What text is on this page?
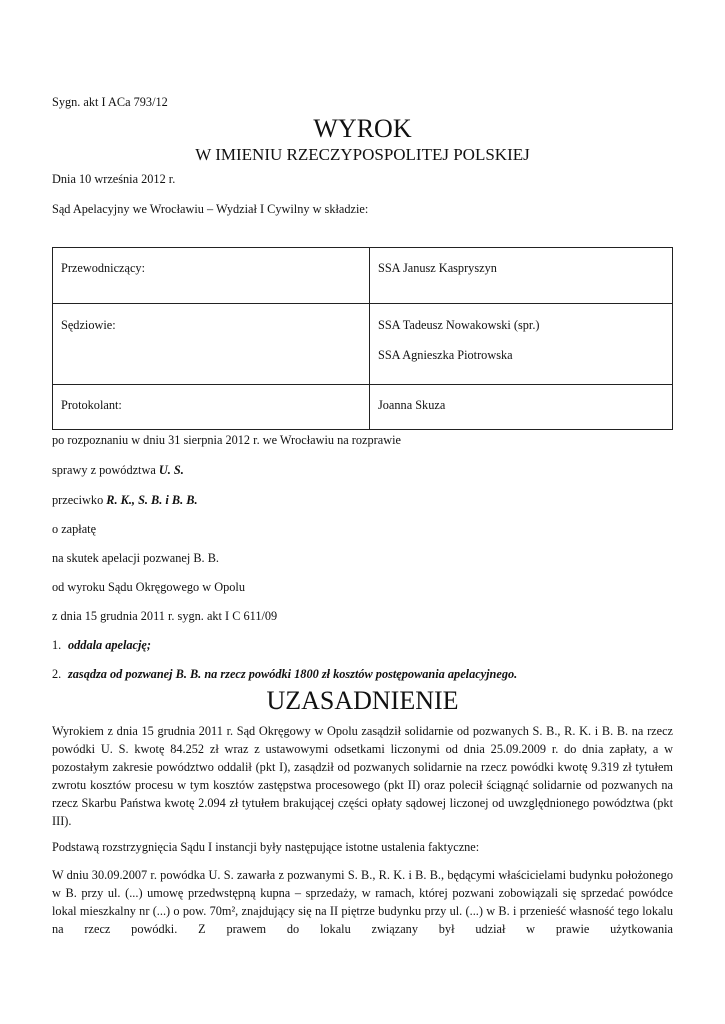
Sygn. akt I ACa 793/12
WYROK
W IMIENIU RZECZYPOSPOLITEJ POLSKIEJ
Dnia 10 września 2012 r.
Sąd Apelacyjny we Wrocławiu – Wydział I Cywilny w składzie:
Przewodniczący:	SSA Janusz Kaspryszyn
Sędziowie:	SSA Tadeusz Nowakowski (spr.)
SSA Agnieszka Piotrowska

Protokolant:	Joanna Skuza
po rozpoznaniu w dniu 31 sierpnia 2012 r. we Wrocławiu na rozprawie
sprawy z powództwa U. S.
przeciwko R. K., S. B. i B. B.
o zapłatę
na skutek apelacji pozwanej B. B.
od wyroku Sądu Okręgowego w Opolu
z dnia 15 grudnia 2011 r. sygn. akt I C 611/09
1. oddala apelację;
2. zasądza od pozwanej B. B. na rzecz powódki 1800 zł kosztów postępowania apelacyjnego.
UZASADNIENIE
Wyrokiem z dnia 15 grudnia 2011 r. Sąd Okręgowy w Opolu zasądził solidarnie od pozwanych S. B., R. K. i B. B. na rzecz powódki U. S. kwotę 84.252 zł wraz z ustawowymi odsetkami liczonymi od dnia 25.09.2009 r. do dnia zapłaty, a w pozostałym zakresie powództwo oddalił (pkt I), zasądził od pozwanych solidarnie na rzecz powódki kwotę 9.319 zł tytułem zwrotu kosztów procesu w tym kosztów zastępstwa procesowego (pkt II) oraz polecił ściągnąć solidarnie od pozwanych na rzecz Skarbu Państwa kwotę 2.094 zł tytułem brakującej części opłaty sądowej liczonej od uwzględnionego powództwa (pkt III).
Podstawą rozstrzygnięcia Sądu I instancji były następujące istotne ustalenia faktyczne:
W dniu 30.09.2007 r. powódka U. S. zawarła z pozwanymi S. B., R. K. i B. B., będącymi właścicielami budynku położonego w B. przy ul. (...) umowę przedwstępną kupna – sprzedaży, w ramach, której pozwani zobowiązali się sprzedać powódce lokal mieszkalny nr (...) o pow. 70m², znajdujący się na II piętrze budynku przy ul. (...) w B. i przenieść własność tego lokalu na rzecz powódki. Z prawem do lokalu związany był udział w prawie użytkowania
